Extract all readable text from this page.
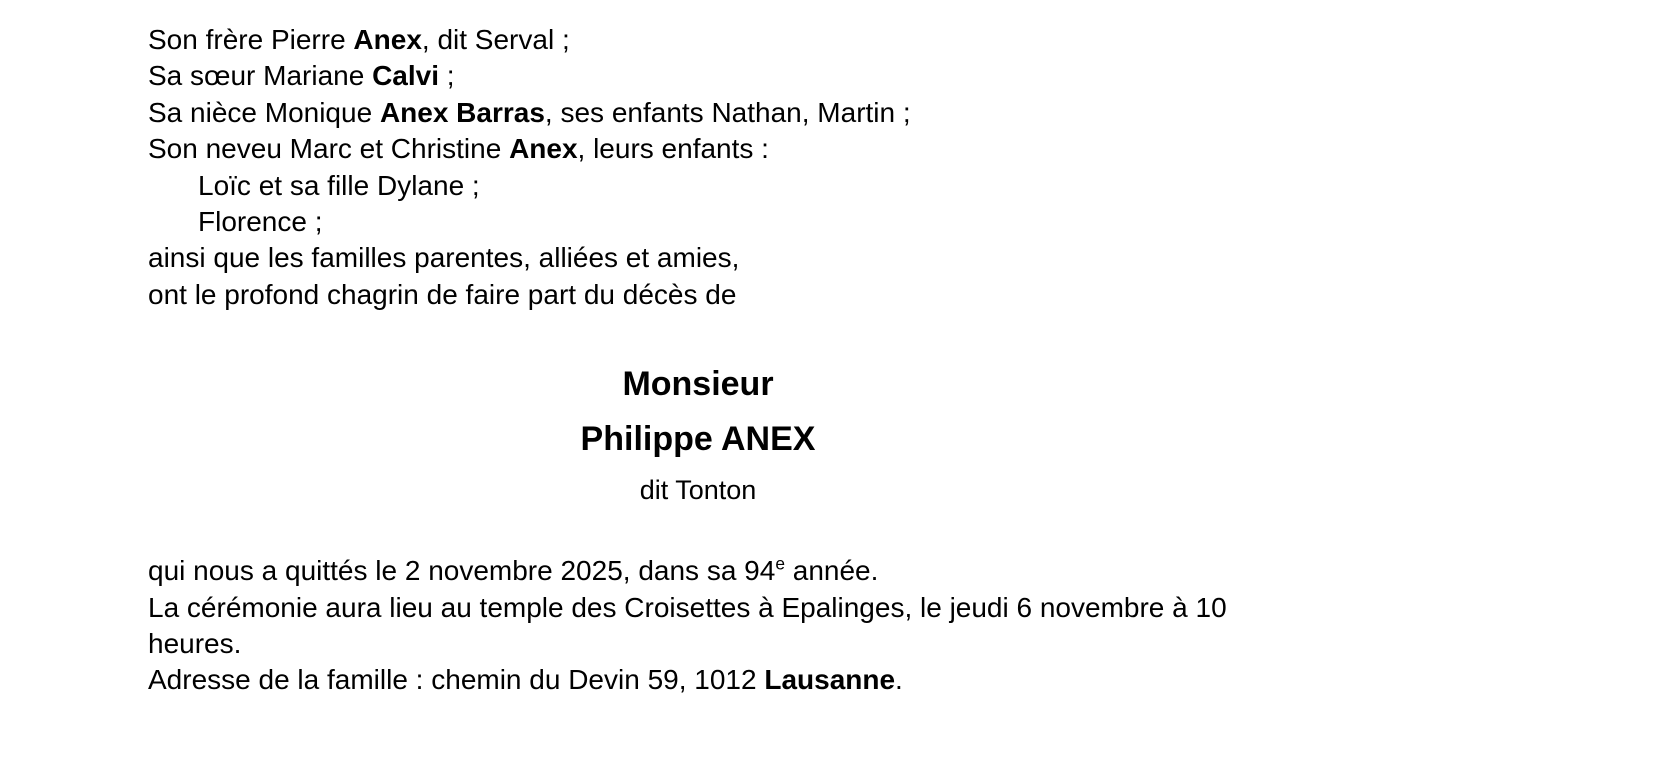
Son frère Pierre Anex, dit Serval ;

Sa sœur Mariane Calvi ;

Sa nièce Monique Anex Barras, ses enfants Nathan, Martin ;

Son neveu Marc et Christine Anex, leurs enfants :

Loïc et sa fille Dylane ;

Florence ;

ainsi que les familles parentes, alliées et amies,

ont le profond chagrin de faire part du décès de

Monsieur

Philippe ANEX

dit Tonton

qui nous a quittés le 2 novembre 2025, dans sa 94e année.

La cérémonie aura lieu au temple des Croisettes à Epalinges, le jeudi 6 novembre à 10 heures.

Adresse de la famille : chemin du Devin 59, 1012 Lausanne.
